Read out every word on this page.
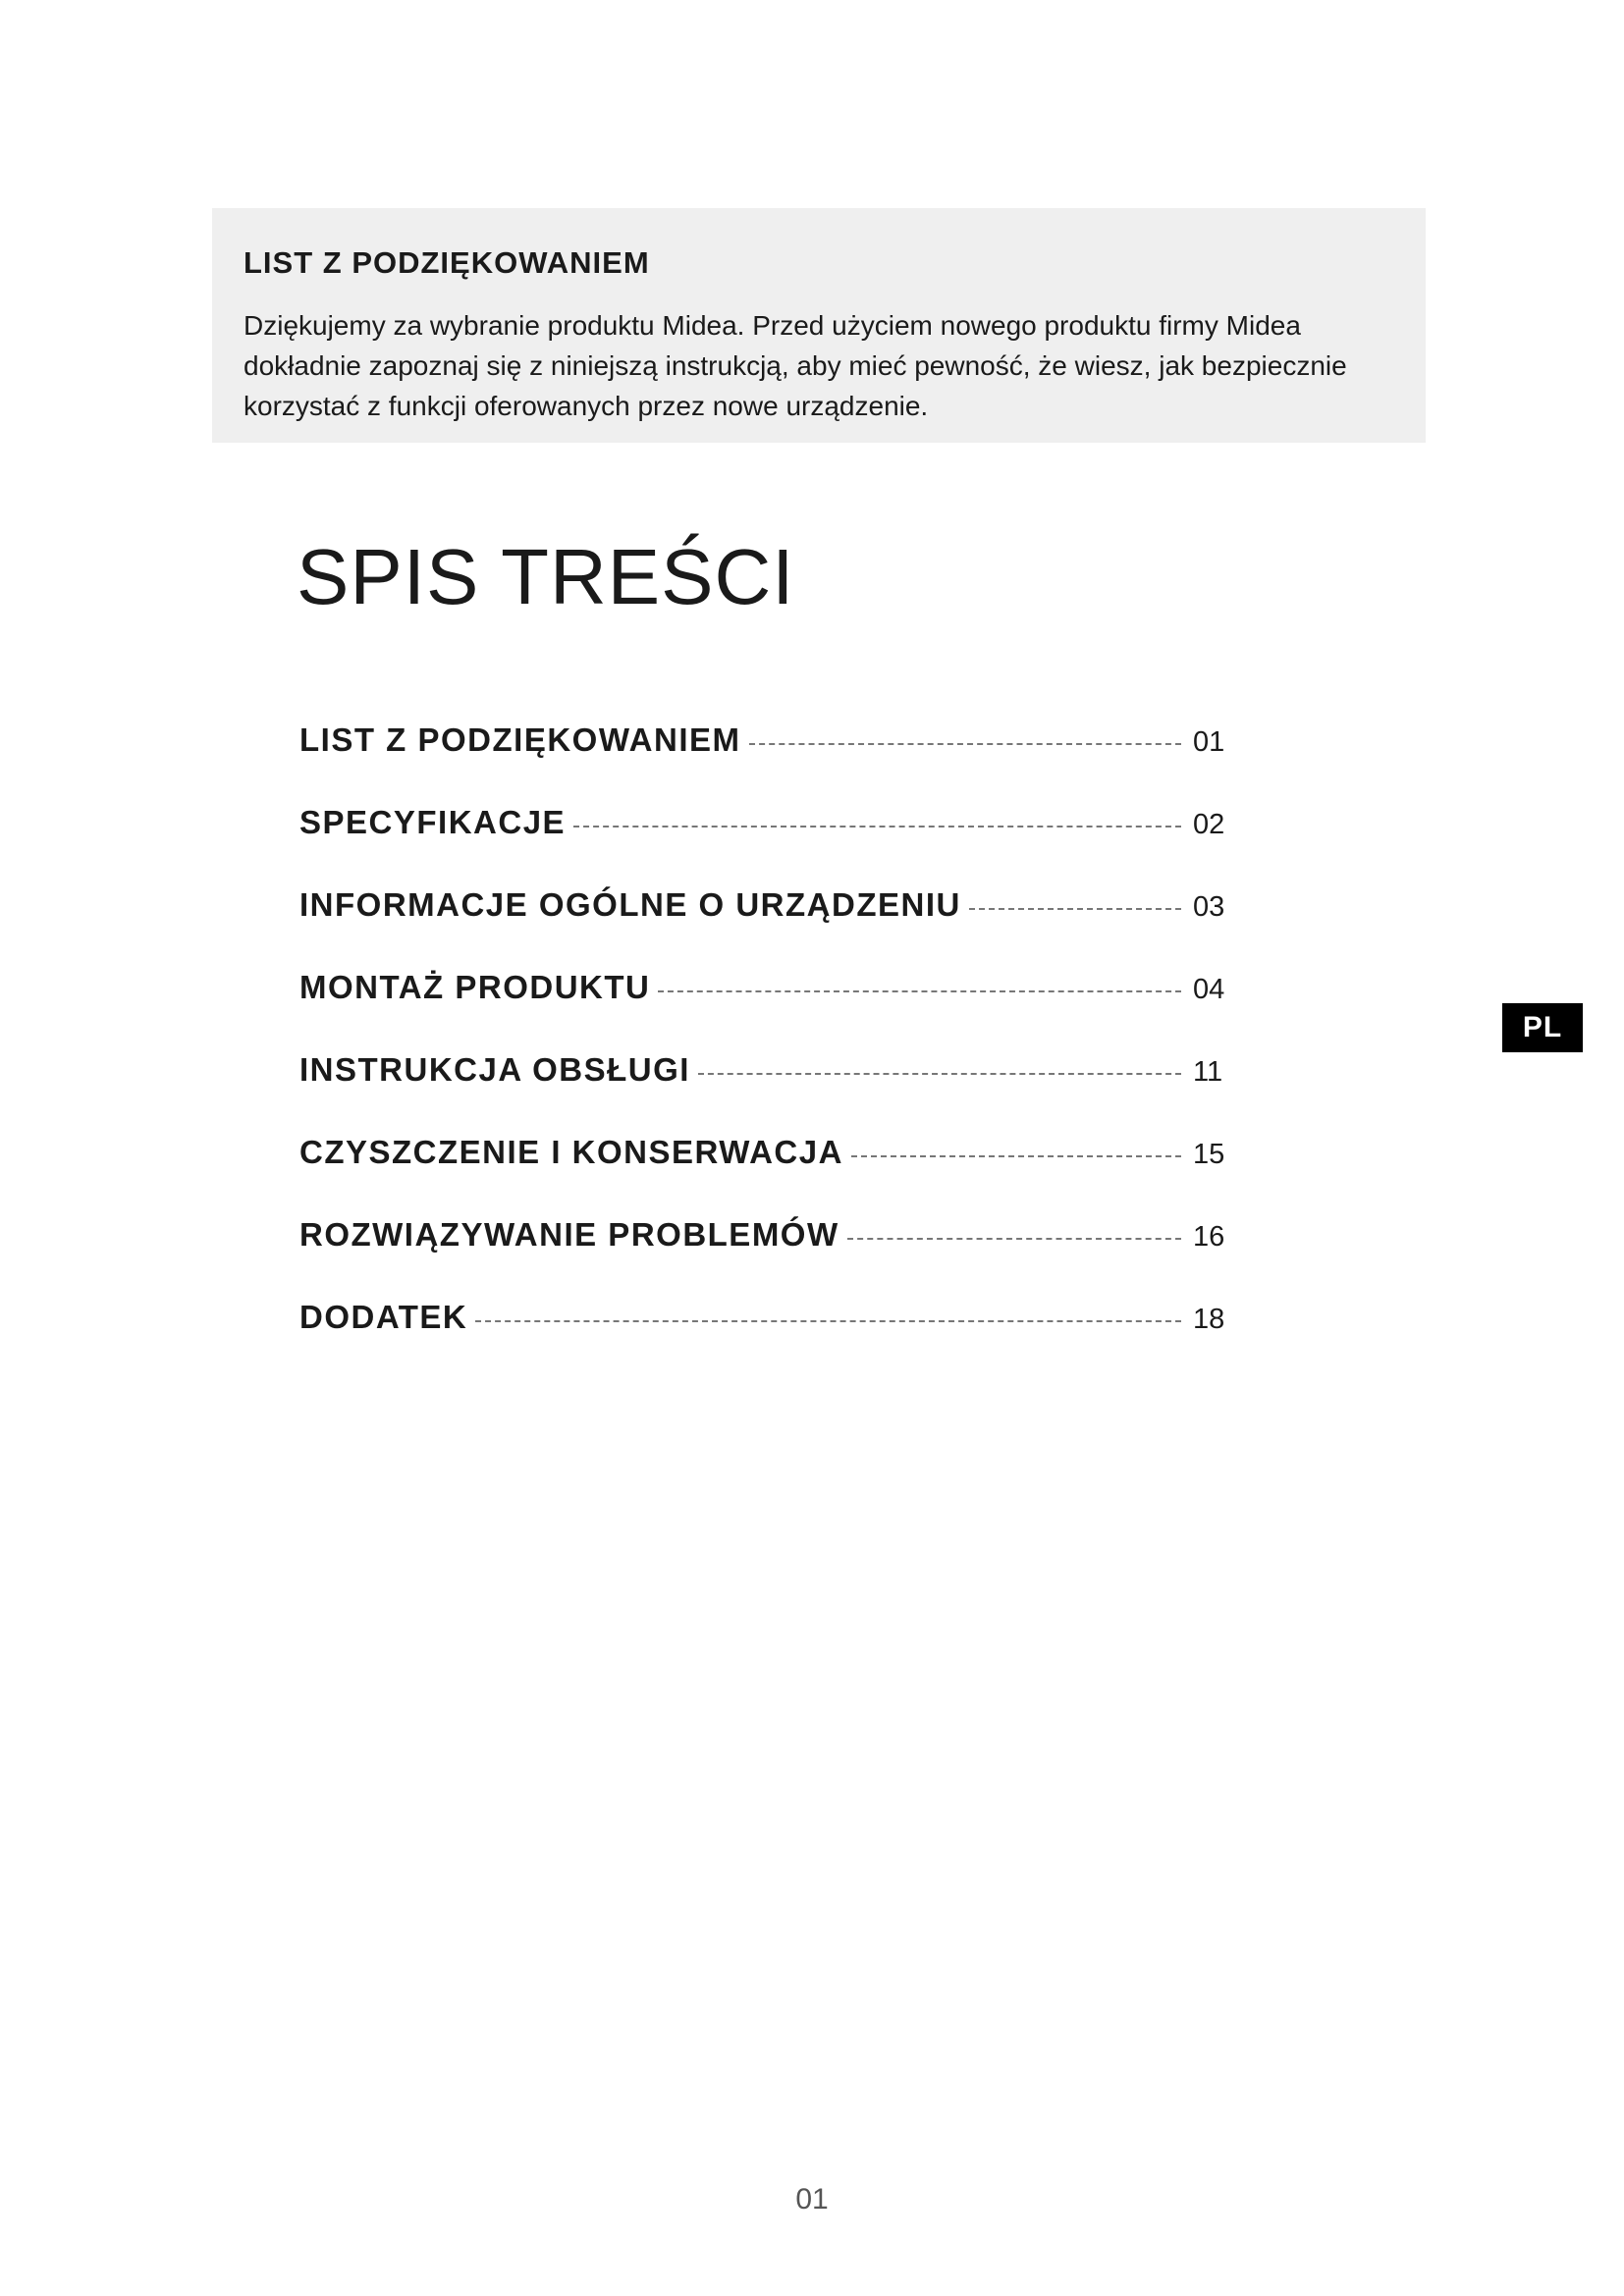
LIST Z PODZIĘKOWANIEM

Dziękujemy za wybranie produktu Midea. Przed użyciem nowego produktu firmy Midea dokładnie zapoznaj się z niniejszą instrukcją, aby mieć pewność, że wiesz, jak bezpiecznie korzystać z funkcji oferowanych przez nowe urządzenie.

SPIS TREŚCI
LIST Z PODZIĘKOWANIEM	01
SPECYFIKACJE	02
INFORMACJE OGÓLNE O URZĄDZENIU	03
MONTAŻ PRODUKTU	04
INSTRUKCJA OBSŁUGI	11
CZYSZCZENIE I KONSERWACJA	15
ROZWIĄZYWANIE PROBLEMÓW	16
DODATEK	18
PL
01
